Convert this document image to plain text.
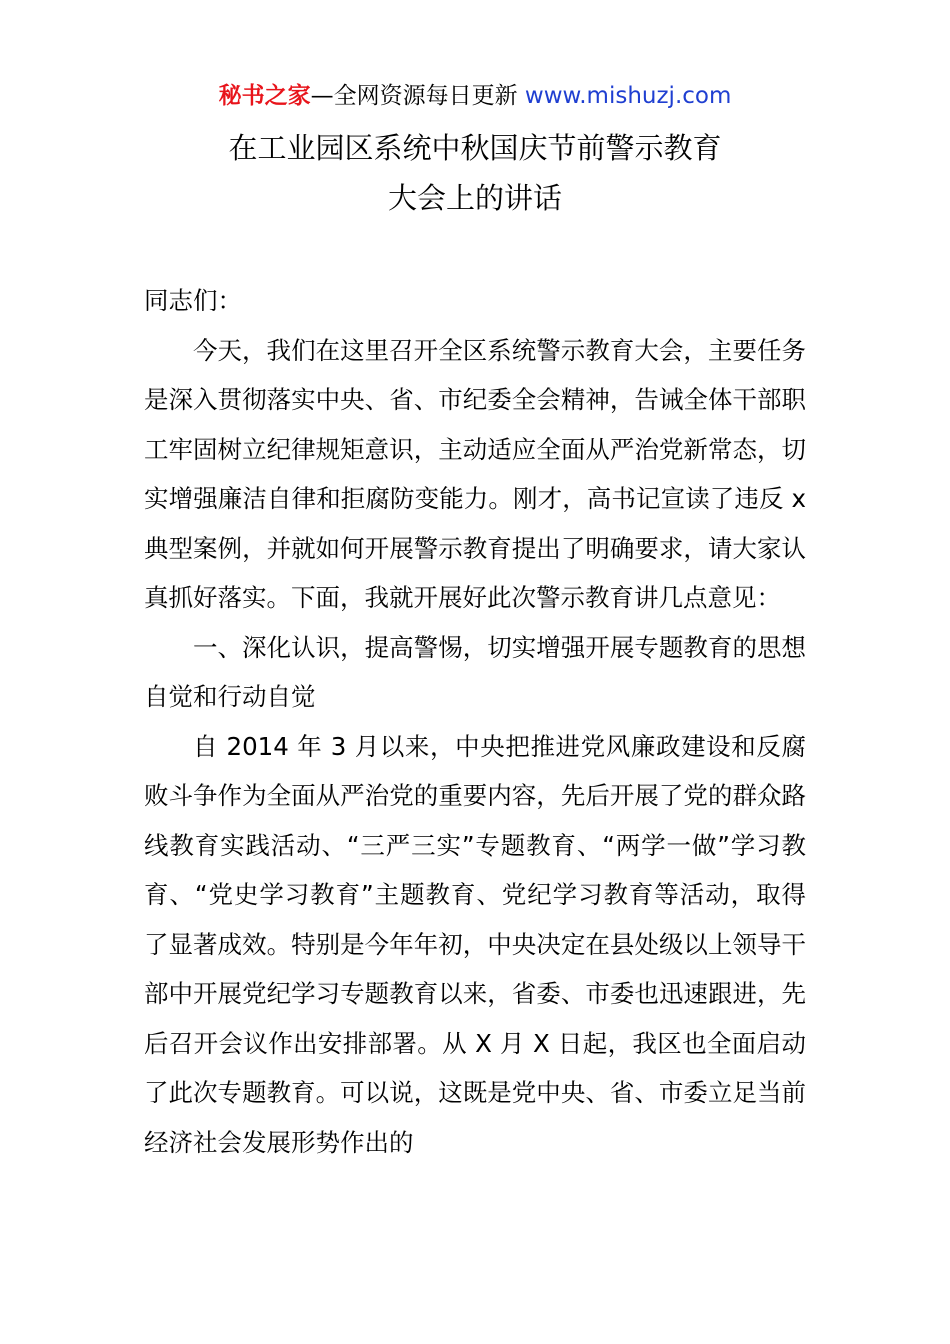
秘书之家—全网资源每日更新 www.mishuzj.com
在工业园区系统中秋国庆节前警示教育
大会上的讲话

同志们：

今天，我们在这里召开全区系统警示教育大会，主要任务是深入贯彻落实中央、省、市纪委全会精神，告诫全体干部职工牢固树立纪律规矩意识，主动适应全面从严治党新常态，切实增强廉洁自律和拒腐防变能力。刚才，高书记宣读了违反 x 典型案例，并就如何开展警示教育提出了明确要求，请大家认真抓好落实。下面，我就开展好此次警示教育讲几点意见：

一、深化认识，提高警惕，切实增强开展专题教育的思想自觉和行动自觉

自 2014 年 3 月以来，中央把推进党风廉政建设和反腐败斗争作为全面从严治党的重要内容，先后开展了党的群众路线教育实践活动、“三严三实”专题教育、“两学一做”学习教育、“党史学习教育”主题教育、党纪学习教育等活动，取得了显著成效。特别是今年年初，中央决定在县处级以上领导干部中开展党纪学习专题教育以来，省委、市委也迅速跟进，先后召开会议作出安排部署。从 X 月 X 日起，我区也全面启动了此次专题教育。可以说，这既是党中央、省、市委立足当前经济社会发展形势作出的
